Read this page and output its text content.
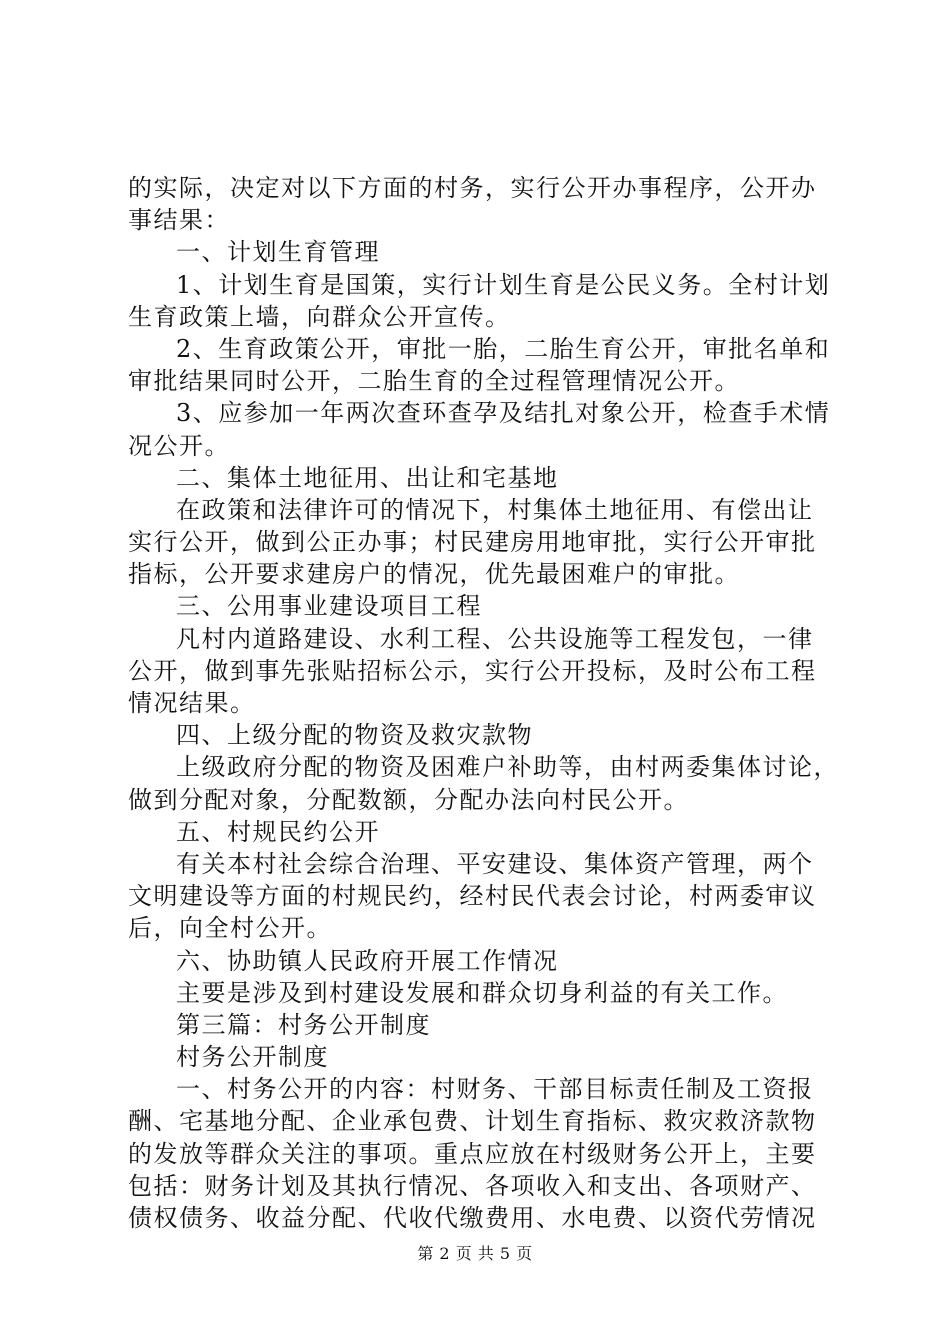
的实际，决定对以下方面的村务，实行公开办事程序，公开办
事结果：
一、计划生育管理
1、计划生育是国策，实行计划生育是公民义务。全村计划
生育政策上墙，向群众公开宣传。
2、生育政策公开，审批一胎，二胎生育公开，审批名单和
审批结果同时公开，二胎生育的全过程管理情况公开。
3、应参加一年两次查环查孕及结扎对象公开，检查手术情
况公开。
二、集体土地征用、出让和宅基地
在政策和法律许可的情况下，村集体土地征用、有偿出让
实行公开，做到公正办事；村民建房用地审批，实行公开审批
指标，公开要求建房户的情况，优先最困难户的审批。
三、公用事业建设项目工程
凡村内道路建设、水利工程、公共设施等工程发包，一律
公开，做到事先张贴招标公示，实行公开投标，及时公布工程
情况结果。
四、上级分配的物资及救灾款物
上级政府分配的物资及困难户补助等，由村两委集体讨论，
做到分配对象，分配数额，分配办法向村民公开。
五、村规民约公开
有关本村社会综合治理、平安建设、集体资产管理，两个
文明建设等方面的村规民约，经村民代表会讨论，村两委审议
后，向全村公开。
六、协助镇人民政府开展工作情况
主要是涉及到村建设发展和群众切身利益的有关工作。
第三篇：村务公开制度
村务公开制度
一、村务公开的内容：村财务、干部目标责任制及工资报
酬、宅基地分配、企业承包费、计划生育指标、救灾救济款物
的发放等群众关注的事项。重点应放在村级财务公开上，主要
包括：财务计划及其执行情况、各项收入和支出、各项财产、
债权债务、收益分配、代收代缴费用、水电费、以资代劳情况
第 2 页 共 5 页
